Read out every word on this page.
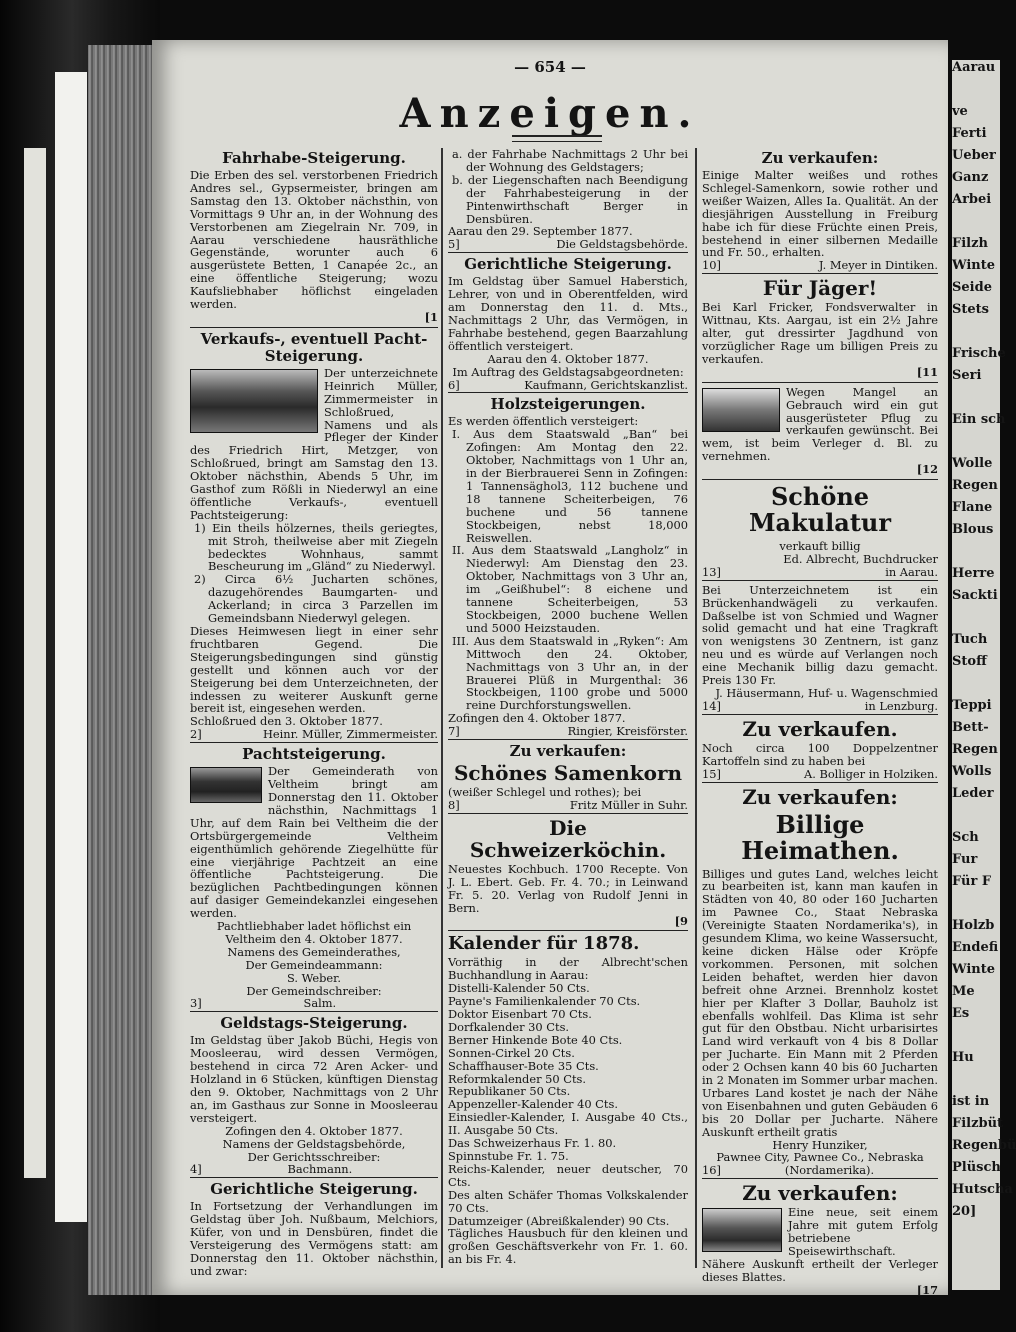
— 654 —
Anzeigen.
Fahrhabe-Steigerung.
Die Erben des sel. verstorbenen Friedrich Andres sel., Gypsermeister, bringen am Samstag den 13. Oktober nächsthin, von Vormittags 9 Uhr an, in der Wohnung des Verstorbenen am Ziegelrain Nr. 709, in Aarau verschiedene hausräthliche Gegenstände, worunter auch 6 ausgerüstete Betten, 1 Canapée 2c., an eine öffentliche Steigerung; wozu Kaufsliebhaber höflichst eingeladen werden.
[1
Verkaufs-, eventuell Pacht-Steigerung.
Der unterzeichnete Heinrich Müller, Zimmermeister in Schloßrued, Namens und als Pfleger der Kinder des Friedrich Hirt, Metzger, von Schloßrued, bringt am Samstag den 13. Oktober nächsthin, Abends 5 Uhr, im Gasthof zum Rößli in Niederwyl an eine öffentliche Verkaufs-, eventuell Pachtsteigerung:
1) Ein theils hölzernes, theils geriegtes, mit Stroh, theilweise aber mit Ziegeln bedecktes Wohnhaus, sammt Bescheurung im „Gländ“ zu Niederwyl.
2) Circa 6½ Jucharten schönes, dazugehörendes Baumgarten- und Ackerland; in circa 3 Parzellen im Gemeindsbann Niederwyl gelegen.
Dieses Heimwesen liegt in einer sehr fruchtbaren Gegend. Die Steigerungsbedingungen sind günstig gestellt und können auch vor der Steigerung bei dem Unterzeichneten, der indessen zu weiterer Auskunft gerne bereit ist, eingesehen werden.
Schloßrued den 3. Oktober 1877.
2]	Heinr. Müller, Zimmermeister.
Pachtsteigerung.
Der Gemeinderath von Veltheim bringt am Donnerstag den 11. Oktober nächsthin, Nachmittags 1 Uhr, auf dem Rain bei Veltheim die der Ortsbürgergemeinde Veltheim eigenthümlich gehörende Ziegelhütte für eine vierjährige Pachtzeit an eine öffentliche Pachtsteigerung. Die bezüglichen Pachtbedingungen können auf dasiger Gemeindekanzlei eingesehen werden.
Pachtliebhaber ladet höflichst ein
Veltheim den 4. Oktober 1877.
Namens des Gemeinderathes,
Der Gemeindeammann:
S. Weber.
Der Gemeindschreiber:
3]	Salm.
Geldstags-Steigerung.
Im Geldstag über Jakob Büchi, Hegis von Moosleerau, wird dessen Vermögen, bestehend in circa 72 Aren Acker- und Holzland in 6 Stücken, künftigen Dienstag den 9. Oktober, Nachmittags von 2 Uhr an, im Gasthaus zur Sonne in Moosleerau versteigert.
Zofingen den 4. Oktober 1877.
Namens der Geldstagsbehörde,
Der Gerichtsschreiber:
4]	Bachmann.
Gerichtliche Steigerung.
In Fortsetzung der Verhandlungen im Geldstag über Joh. Nußbaum, Melchiors, Küfer, von und in Densbüren, findet die Versteigerung des Vermögens statt: am Donnerstag den 11. Oktober nächsthin, und zwar:
a. der Fahrhabe Nachmittags 2 Uhr bei der Wohnung des Geldstagers;
b. der Liegenschaften nach Beendigung der Fahrhabesteigerung in der Pintenwirthschaft Berger in Densbüren.
Aarau den 29. September 1877.
5]	Die Geldstagsbehörde.
Gerichtliche Steigerung.
Im Geldstag über Samuel Haberstich, Lehrer, von und in Oberentfelden, wird am Donnerstag den 11. d. Mts., Nachmittags 2 Uhr, das Vermögen, in Fahrhabe bestehend, gegen Baarzahlung öffentlich versteigert.
Aarau den 4. Oktober 1877.
Im Auftrag des Geldstagsabgeordneten:
6]	Kaufmann, Gerichtskanzlist.
Holzsteigerungen.
Es werden öffentlich versteigert:
I. Aus dem Staatswald „Ban“ bei Zofingen: Am Montag den 22. Oktober, Nachmittags von 1 Uhr an, in der Bierbrauerei Senn in Zofingen: 1 Tannensäghol3, 112 buchene und 18 tannene Scheiterbeigen, 76 buchene und 56 tannene Stockbeigen, nebst 18,000 Reiswellen.
II. Aus dem Staatswald „Langholz“ in Niederwyl: Am Dienstag den 23. Oktober, Nachmittags von 3 Uhr an, im „Geißhubel“: 8 eichene und tannene Scheiterbeigen, 53 Stockbeigen, 2000 buchene Wellen und 5000 Heizstauden.
III. Aus dem Staatswald in „Ryken“: Am Mittwoch den 24. Oktober, Nachmittags von 3 Uhr an, in der Brauerei Plüß in Murgenthal: 36 Stockbeigen, 1100 grobe und 5000 reine Durchforstungswellen.
Zofingen den 4. Oktober 1877.
7]	Ringier, Kreisförster.
Zu verkaufen:
Schönes Samenkorn
(weißer Schlegel und rothes); bei
8]	Fritz Müller in Suhr.
Die Schweizerköchin.
Neuestes Kochbuch. 1700 Recepte. Von J. L. Ebert. Geb. Fr. 4. 70.; in Leinwand Fr. 5. 20. Verlag von Rudolf Jenni in Bern.
[9
Kalender für 1878.
Vorräthig in der Albrecht'schen Buchhandlung in Aarau:
Distelli-Kalender 50 Cts.
Payne's Familienkalender 70 Cts.
Doktor Eisenbart 70 Cts.
Dorfkalender 30 Cts.
Berner Hinkende Bote 40 Cts.
Sonnen-Cirkel 20 Cts.
Schaffhauser-Bote 35 Cts.
Reformkalender 50 Cts.
Republikaner 50 Cts.
Appenzeller-Kalender 40 Cts.
Einsiedler-Kalender, I. Ausgabe 40 Cts., II. Ausgabe 50 Cts.
Das Schweizerhaus Fr. 1. 80.
Spinnstube Fr. 1. 75.
Reichs-Kalender, neuer deutscher, 70 Cts.
Des alten Schäfer Thomas Volkskalender 70 Cts.
Datumzeiger (Abreißkalender) 90 Cts.
Tägliches Hausbuch für den kleinen und großen Geschäftsverkehr von Fr. 1. 60. an bis Fr. 4.
Zu verkaufen:
Einige Malter weißes und rothes Schlegel-Samenkorn, sowie rother und weißer Waizen, Alles Ia. Qualität. An der diesjährigen Ausstellung in Freiburg habe ich für diese Früchte einen Preis, bestehend in einer silbernen Medaille und Fr. 50., erhalten.
10]	J. Meyer in Dintiken.
Für Jäger!
Bei Karl Fricker, Fondsverwalter in Wittnau, Kts. Aargau, ist ein 2½ Jahre alter, gut dressirter Jagdhund von vorzüglicher Rage um billigen Preis zu verkaufen.
[11
Wegen Mangel an Gebrauch wird ein gut ausgerüsteter Pflug zu verkaufen gewünscht. Bei wem, ist beim Verleger d. Bl. zu vernehmen.
[12
Schöne Makulatur
verkauft billig
Ed. Albrecht, Buchdrucker
13]	in Aarau.
Bei Unterzeichnetem ist ein Brückenhandwägeli zu verkaufen. Daßselbe ist von Schmied und Wagner solid gemacht und hat eine Tragkraft von wenigstens 30 Zentnern, ist ganz neu und es würde auf Verlangen noch eine Mechanik billig dazu gemacht. Preis 130 Fr.
J. Häusermann, Huf- u. Wagenschmied
14]	in Lenzburg.
Zu verkaufen.
Noch circa 100 Doppelzentner Kartoffeln sind zu haben bei
15]	A. Bolliger in Holziken.
Zu verkaufen:
Billige Heimathen.
Billiges und gutes Land, welches leicht zu bearbeiten ist, kann man kaufen in Städten von 40, 80 oder 160 Jucharten im Pawnee Co., Staat Nebraska (Vereinigte Staaten Nordamerika's), in gesundem Klima, wo keine Wassersucht, keine dicken Hälse oder Kröpfe vorkommen. Personen, mit solchen Leiden behaftet, werden hier davon befreit ohne Arznei. Brennholz kostet hier per Klafter 3 Dollar, Bauholz ist ebenfalls wohlfeil. Das Klima ist sehr gut für den Obstbau. Nicht urbarisirtes Land wird verkauft von 4 bis 8 Dollar per Jucharte. Ein Mann mit 2 Pferden oder 2 Ochsen kann 40 bis 60 Jucharten in 2 Monaten im Sommer urbar machen. Urbares Land kostet je nach der Nähe von Eisenbahnen und guten Gebäuden 6 bis 20 Dollar per Jucharte. Nähere Auskunft ertheilt gratis
Henry Hunziker,
Pawnee City, Pawnee Co., Nebraska
16]	(Nordamerika).
Zu verkaufen:
Eine neue, seit einem Jahre mit gutem Erfolg betriebene Speisewirthschaft. Nähere Auskunft ertheilt der Verleger dieses Blattes.
[17
Aarau
ve
Ferti
Ueber
Ganz
Arbei
Filzh
Winte
Seide
Stets
Frische
Seri
Ein sch
Wolle
Regen
Flane
Blous
Herre
Sackti
Tuch
Stoff
Teppi
Bett-
Regen
Wolls
Leder
Sch
Fur
Für F
Holzb
Endefi
Winte
Me
Es
Hu
ist in
Filzbüt
Regenbü
Plüsch
Hutscha
20]
